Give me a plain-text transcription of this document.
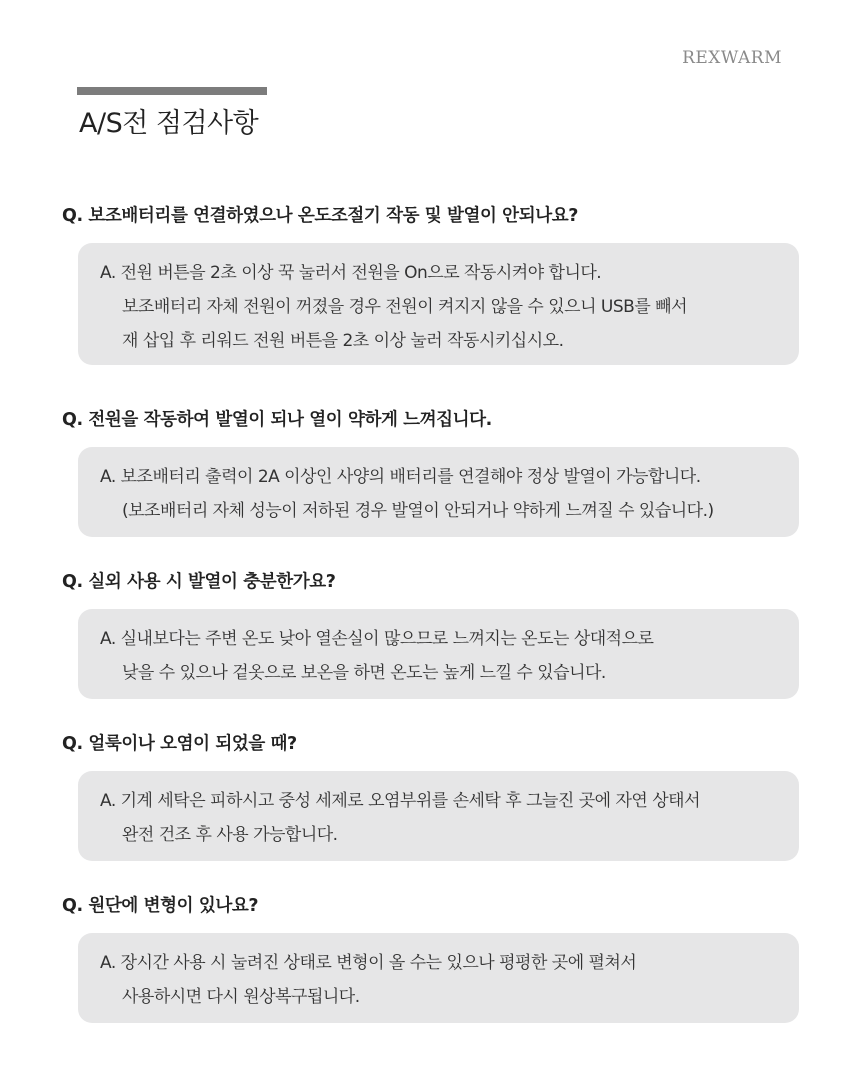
REXWARM
A/S전 점검사항
Q. 보조배터리를 연결하였으나 온도조절기 작동 및 발열이 안되나요?
A. 전원 버튼을 2초 이상 꾹 눌러서 전원을 On으로 작동시켜야 합니다.
보조배터리 자체 전원이 꺼졌을 경우 전원이 켜지지 않을 수 있으니 USB를 빼서
재 삽입 후 리워드 전원 버튼을 2초 이상 눌러 작동시키십시오.
Q. 전원을 작동하여 발열이 되나 열이 약하게 느껴집니다.
A. 보조배터리 출력이 2A 이상인 사양의 배터리를 연결해야 정상 발열이 가능합니다.
(보조배터리 자체 성능이 저하된 경우 발열이 안되거나 약하게 느껴질 수 있습니다.)
Q. 실외 사용 시 발열이 충분한가요?
A. 실내보다는 주변 온도 낮아 열손실이 많으므로 느껴지는 온도는 상대적으로
낮을 수 있으나 겉옷으로 보온을 하면 온도는 높게 느낄 수 있습니다.
Q. 얼룩이나 오염이 되었을 때?
A. 기계 세탁은 피하시고 중성 세제로 오염부위를 손세탁 후 그늘진 곳에 자연 상태서
완전 건조 후 사용 가능합니다.
Q. 원단에 변형이 있나요?
A. 장시간 사용 시 눌려진 상태로 변형이 올 수는 있으나 평평한 곳에 펼쳐서
사용하시면 다시 원상복구됩니다.
